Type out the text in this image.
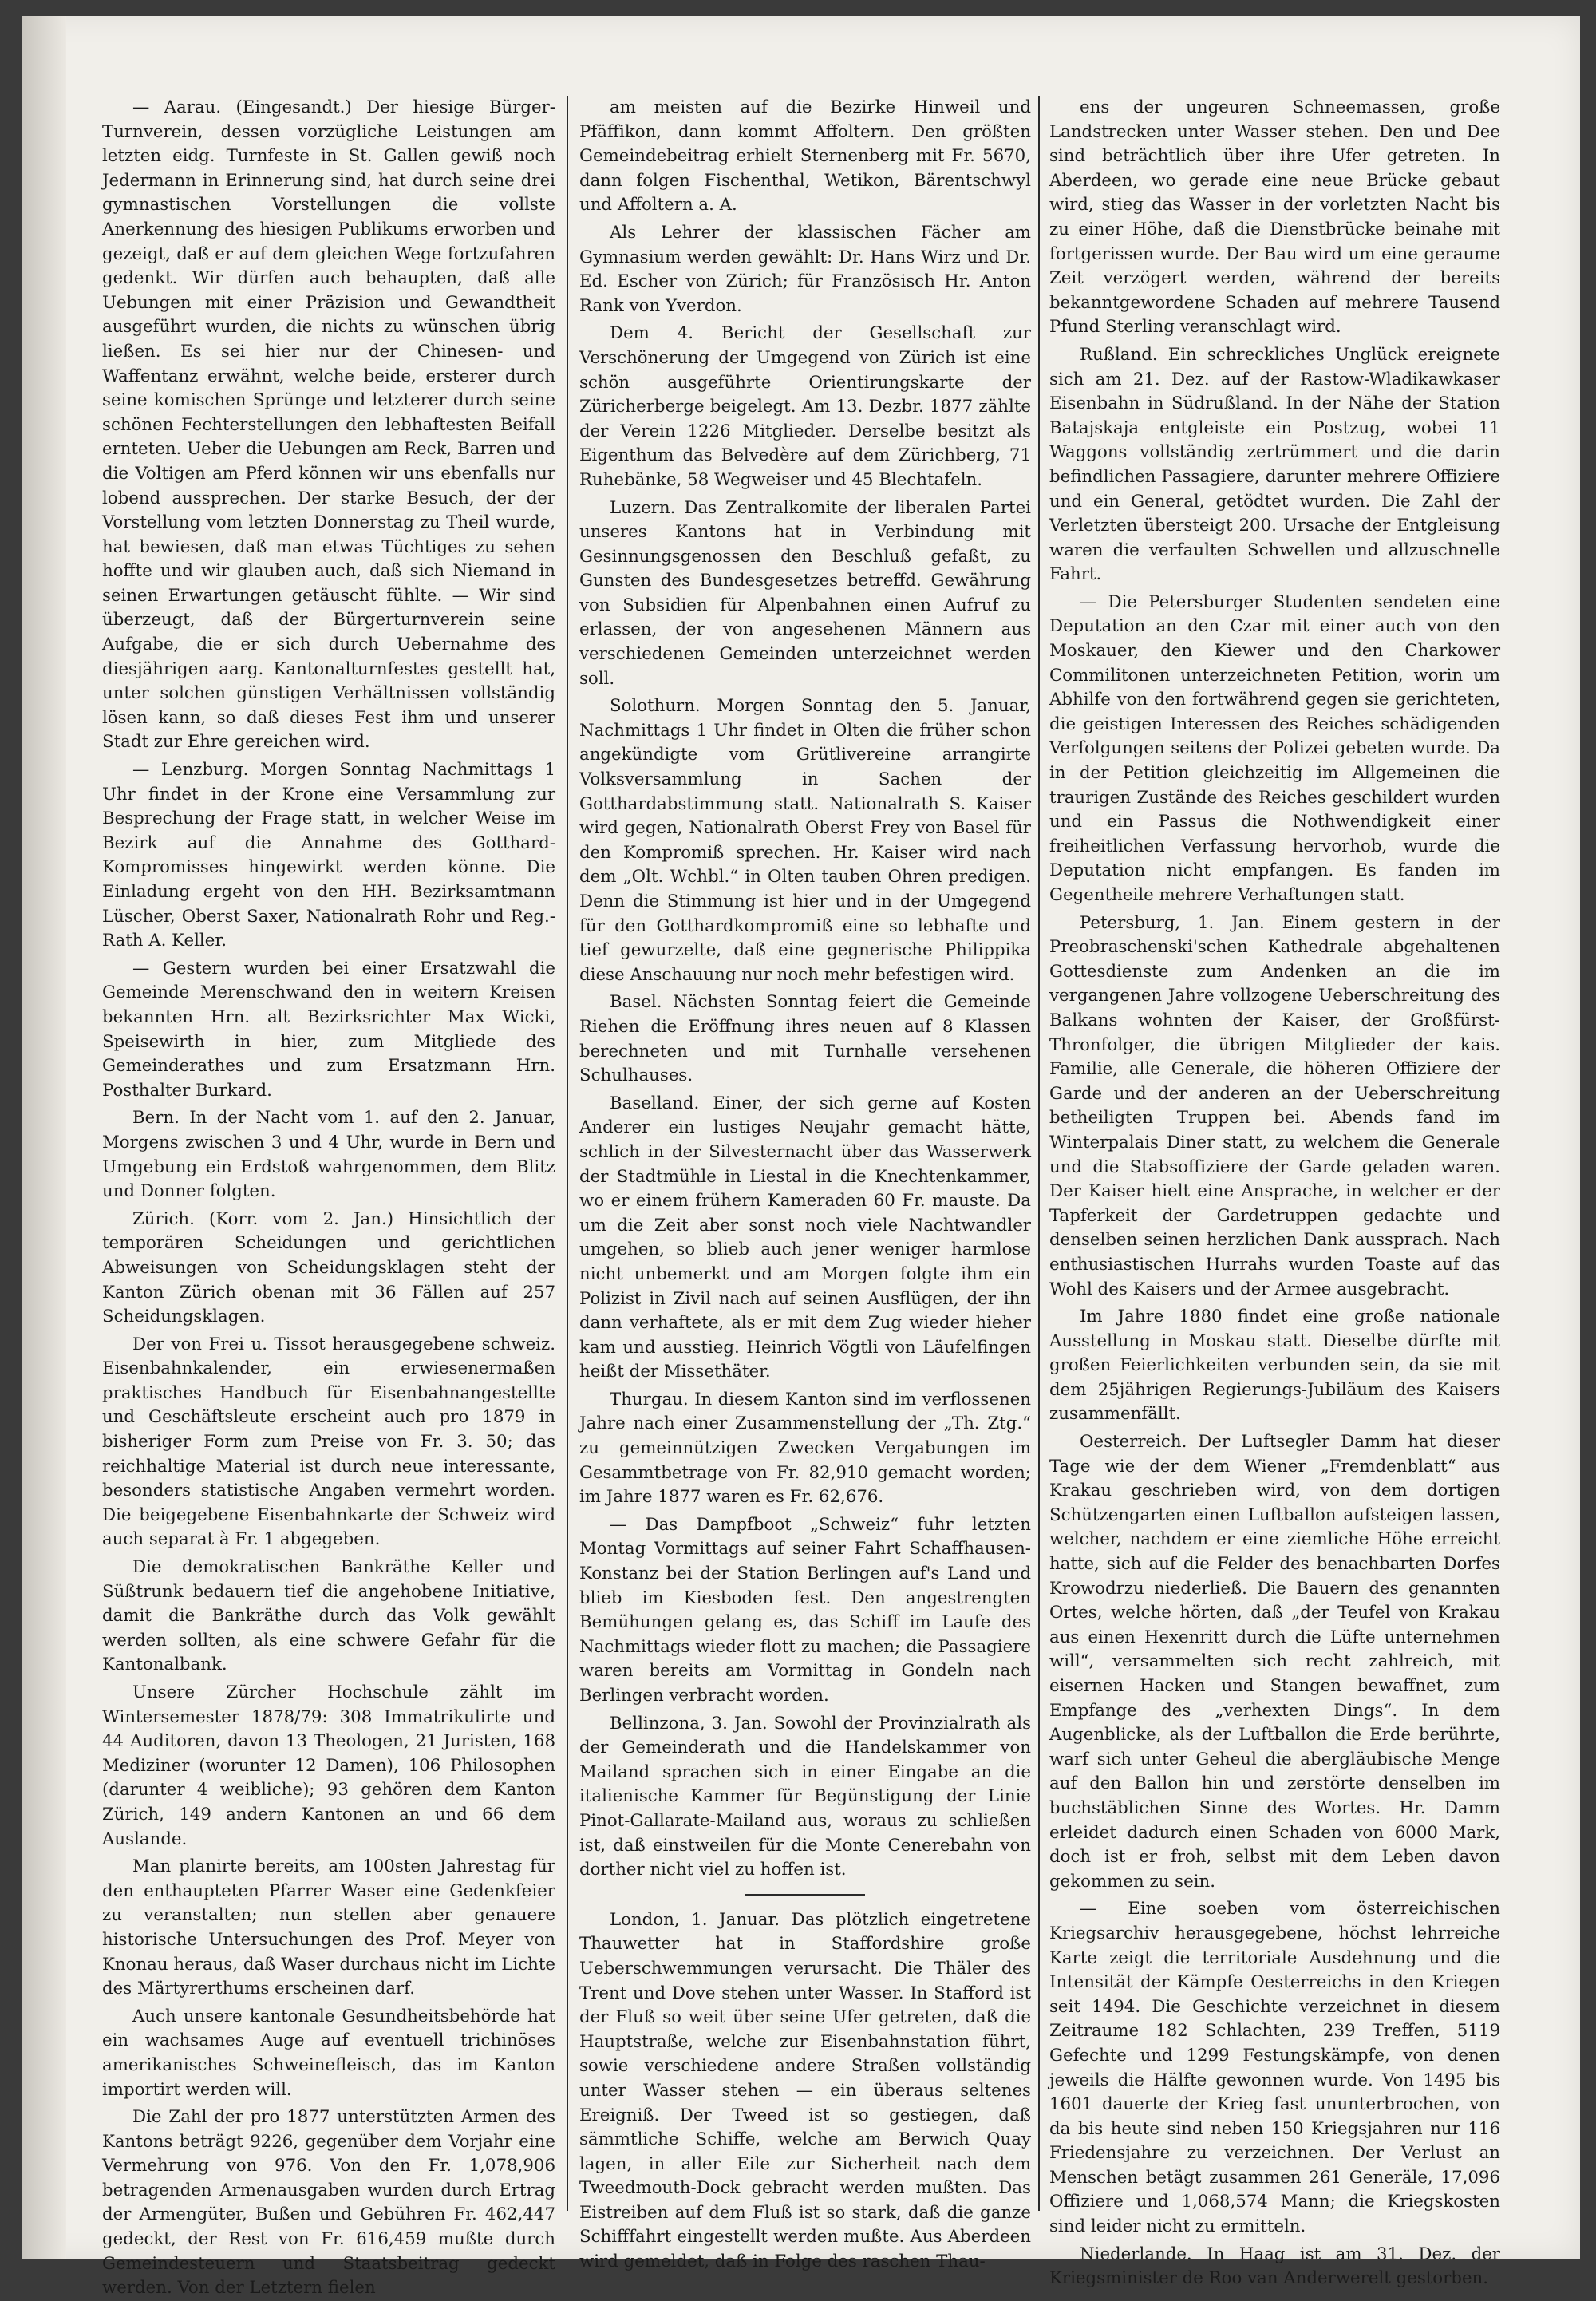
— Aarau. (Eingesandt.) Der hiesige Bürger-Turnverein, dessen vorzügliche Leistungen am letzten eidg. Turnfeste in St. Gallen gewiß noch Jedermann in Erinnerung sind, hat durch seine drei gymnastischen Vorstellungen die vollste Anerkennung des hiesigen Publikums erworben und gezeigt, daß er auf dem gleichen Wege fortzufahren gedenkt. Wir dürfen auch behaupten, daß alle Uebungen mit einer Präzision und Gewandtheit ausgeführt wurden, die nichts zu wünschen übrig ließen. Es sei hier nur der Chinesen- und Waffentanz erwähnt, welche beide, ersterer durch seine komischen Sprünge und letzterer durch seine schönen Fechterstellungen den lebhaftesten Beifall ernteten. Ueber die Uebungen am Reck, Barren und die Voltigen am Pferd können wir uns ebenfalls nur lobend aussprechen. Der starke Besuch, der der Vorstellung vom letzten Donnerstag zu Theil wurde, hat bewiesen, daß man etwas Tüchtiges zu sehen hoffte und wir glauben auch, daß sich Niemand in seinen Erwartungen getäuscht fühlte. — Wir sind überzeugt, daß der Bürgerturnverein seine Aufgabe, die er sich durch Uebernahme des diesjährigen aarg. Kantonalturnfestes gestellt hat, unter solchen günstigen Verhältnissen vollständig lösen kann, so daß dieses Fest ihm und unserer Stadt zur Ehre gereichen wird.

— Lenzburg. Morgen Sonntag Nachmittags 1 Uhr findet in der Krone eine Versammlung zur Besprechung der Frage statt, in welcher Weise im Bezirk auf die Annahme des Gotthard-Kompromisses hingewirkt werden könne. Die Einladung ergeht von den HH. Bezirksamtmann Lüscher, Oberst Saxer, Nationalrath Rohr und Reg.-Rath A. Keller.

— Gestern wurden bei einer Ersatzwahl die Gemeinde Merenschwand den in weitern Kreisen bekannten Hrn. alt Bezirksrichter Max Wicki, Speisewirth in hier, zum Mitgliede des Gemeinderathes und zum Ersatzmann Hrn. Posthalter Burkard.

Bern. In der Nacht vom 1. auf den 2. Januar, Morgens zwischen 3 und 4 Uhr, wurde in Bern und Umgebung ein Erdstoß wahrgenommen, dem Blitz und Donner folgten.

Zürich. (Korr. vom 2. Jan.) Hinsichtlich der temporären Scheidungen und gerichtlichen Abweisungen von Scheidungsklagen steht der Kanton Zürich obenan mit 36 Fällen auf 257 Scheidungsklagen.

Der von Frei u. Tissot herausgegebene schweiz. Eisenbahnkalender, ein erwiesenermaßen praktisches Handbuch für Eisenbahnangestellte und Geschäftsleute erscheint auch pro 1879 in bisheriger Form zum Preise von Fr. 3. 50; das reichhaltige Material ist durch neue interessante, besonders statistische Angaben vermehrt worden. Die beigegebene Eisenbahnkarte der Schweiz wird auch separat à Fr. 1 abgegeben.

Die demokratischen Bankräthe Keller und Süßtrunk bedauern tief die angehobene Initiative, damit die Bankräthe durch das Volk gewählt werden sollten, als eine schwere Gefahr für die Kantonalbank.

Unsere Zürcher Hochschule zählt im Wintersemester 1878/79: 308 Immatrikulirte und 44 Auditoren, davon 13 Theologen, 21 Juristen, 168 Mediziner (worunter 12 Damen), 106 Philosophen (darunter 4 weibliche); 93 gehören dem Kanton Zürich, 149 andern Kantonen an und 66 dem Auslande.

Man planirte bereits, am 100sten Jahrestag für den enthaupteten Pfarrer Waser eine Gedenkfeier zu veranstalten; nun stellen aber genauere historische Untersuchungen des Prof. Meyer von Knonau heraus, daß Waser durchaus nicht im Lichte des Märtyrerthums erscheinen darf.

Auch unsere kantonale Gesundheitsbehörde hat ein wachsames Auge auf eventuell trichinöses amerikanisches Schweinefleisch, das im Kanton importirt werden will.

Die Zahl der pro 1877 unterstützten Armen des Kantons beträgt 9226, gegenüber dem Vorjahr eine Vermehrung von 976. Von den Fr. 1,078,906 betragenden Armenausgaben wurden durch Ertrag der Armengüter, Bußen und Gebühren Fr. 462,447 gedeckt, der Rest von Fr. 616,459 mußte durch Gemeindesteuern und Staatsbeitrag gedeckt werden. Von der Letztern fielen

am meisten auf die Bezirke Hinweil und Pfäffikon, dann kommt Affoltern. Den größten Gemeindebeitrag erhielt Sternenberg mit Fr. 5670, dann folgen Fischenthal, Wetikon, Bärentschwyl und Affoltern a. A.

Als Lehrer der klassischen Fächer am Gymnasium werden gewählt: Dr. Hans Wirz und Dr. Ed. Escher von Zürich; für Französisch Hr. Anton Rank von Yverdon.

Dem 4. Bericht der Gesellschaft zur Verschönerung der Umgegend von Zürich ist eine schön ausgeführte Orientirungskarte der Züricherberge beigelegt. Am 13. Dezbr. 1877 zählte der Verein 1226 Mitglieder. Derselbe besitzt als Eigenthum das Belvedère auf dem Zürichberg, 71 Ruhebänke, 58 Wegweiser und 45 Blechtafeln.

Luzern. Das Zentralkomite der liberalen Partei unseres Kantons hat in Verbindung mit Gesinnungsgenossen den Beschluß gefaßt, zu Gunsten des Bundesgesetzes betreffd. Gewährung von Subsidien für Alpenbahnen einen Aufruf zu erlassen, der von angesehenen Männern aus verschiedenen Gemeinden unterzeichnet werden soll.

Solothurn. Morgen Sonntag den 5. Januar, Nachmittags 1 Uhr findet in Olten die früher schon angekündigte vom Grütlivereine arrangirte Volksversammlung in Sachen der Gotthardabstimmung statt. Nationalrath S. Kaiser wird gegen, Nationalrath Oberst Frey von Basel für den Kompromiß sprechen. Hr. Kaiser wird nach dem „Olt. Wchbl.“ in Olten tauben Ohren predigen. Denn die Stimmung ist hier und in der Umgegend für den Gotthardkompromiß eine so lebhafte und tief gewurzelte, daß eine gegnerische Philippika diese Anschauung nur noch mehr befestigen wird.

Basel. Nächsten Sonntag feiert die Gemeinde Riehen die Eröffnung ihres neuen auf 8 Klassen berechneten und mit Turnhalle versehenen Schulhauses.

Baselland. Einer, der sich gerne auf Kosten Anderer ein lustiges Neujahr gemacht hätte, schlich in der Silvesternacht über das Wasserwerk der Stadtmühle in Liestal in die Knechtenkammer, wo er einem frühern Kameraden 60 Fr. mauste. Da um die Zeit aber sonst noch viele Nachtwandler umgehen, so blieb auch jener weniger harmlose nicht unbemerkt und am Morgen folgte ihm ein Polizist in Zivil nach auf seinen Ausflügen, der ihn dann verhaftete, als er mit dem Zug wieder hieher kam und ausstieg. Heinrich Vögtli von Läufelfingen heißt der Missethäter.

Thurgau. In diesem Kanton sind im verflossenen Jahre nach einer Zusammenstellung der „Th. Ztg.“ zu gemeinnützigen Zwecken Vergabungen im Gesammtbetrage von Fr. 82,910 gemacht worden; im Jahre 1877 waren es Fr. 62,676.

— Das Dampfboot „Schweiz“ fuhr letzten Montag Vormittags auf seiner Fahrt Schaffhausen-Konstanz bei der Station Berlingen auf's Land und blieb im Kiesboden fest. Den angestrengten Bemühungen gelang es, das Schiff im Laufe des Nachmittags wieder flott zu machen; die Passagiere waren bereits am Vormittag in Gondeln nach Berlingen verbracht worden.

Bellinzona, 3. Jan. Sowohl der Provinzialrath als der Gemeinderath und die Handelskammer von Mailand sprachen sich in einer Eingabe an die italienische Kammer für Begünstigung der Linie Pinot-Gallarate-Mailand aus, woraus zu schließen ist, daß einstweilen für die Monte Cenerebahn von dorther nicht viel zu hoffen ist.

London, 1. Januar. Das plötzlich eingetretene Thauwetter hat in Staffordshire große Ueberschwemmungen verursacht. Die Thäler des Trent und Dove stehen unter Wasser. In Stafford ist der Fluß so weit über seine Ufer getreten, daß die Hauptstraße, welche zur Eisenbahnstation führt, sowie verschiedene andere Straßen vollständig unter Wasser stehen — ein überaus seltenes Ereigniß. Der Tweed ist so gestiegen, daß sämmtliche Schiffe, welche am Berwich Quay lagen, in aller Eile zur Sicherheit nach dem Tweedmouth-Dock gebracht werden mußten. Das Eistreiben auf dem Fluß ist so stark, daß die ganze Schifffahrt eingestellt werden mußte. Aus Aberdeen wird gemeldet, daß in Folge des raschen Thau-

ens der ungeuren Schneemassen, große Landstrecken unter Wasser stehen. Den und Dee sind beträchtlich über ihre Ufer getreten. In Aberdeen, wo gerade eine neue Brücke gebaut wird, stieg das Wasser in der vorletzten Nacht bis zu einer Höhe, daß die Dienstbrücke beinahe mit fortgerissen wurde. Der Bau wird um eine geraume Zeit verzögert werden, während der bereits bekanntgewordene Schaden auf mehrere Tausend Pfund Sterling veranschlagt wird.

Rußland. Ein schreckliches Unglück ereignete sich am 21. Dez. auf der Rastow-Wladikawkaser Eisenbahn in Südrußland. In der Nähe der Station Batajskaja entgleiste ein Postzug, wobei 11 Waggons vollständig zertrümmert und die darin befindlichen Passagiere, darunter mehrere Offiziere und ein General, getödtet wurden. Die Zahl der Verletzten übersteigt 200. Ursache der Entgleisung waren die verfaulten Schwellen und allzuschnelle Fahrt.

— Die Petersburger Studenten sendeten eine Deputation an den Czar mit einer auch von den Moskauer, den Kiewer und den Charkower Commilitonen unterzeichneten Petition, worin um Abhilfe von den fortwährend gegen sie gerichteten, die geistigen Interessen des Reiches schädigenden Verfolgungen seitens der Polizei gebeten wurde. Da in der Petition gleichzeitig im Allgemeinen die traurigen Zustände des Reiches geschildert wurden und ein Passus die Nothwendigkeit einer freiheitlichen Verfassung hervorhob, wurde die Deputation nicht empfangen. Es fanden im Gegentheile mehrere Verhaftungen statt.

Petersburg, 1. Jan. Einem gestern in der Preobraschenski'schen Kathedrale abgehaltenen Gottesdienste zum Andenken an die im vergangenen Jahre vollzogene Ueberschreitung des Balkans wohnten der Kaiser, der Großfürst-Thronfolger, die übrigen Mitglieder der kais. Familie, alle Generale, die höheren Offiziere der Garde und der anderen an der Ueberschreitung betheiligten Truppen bei. Abends fand im Winterpalais Diner statt, zu welchem die Generale und die Stabsoffiziere der Garde geladen waren. Der Kaiser hielt eine Ansprache, in welcher er der Tapferkeit der Gardetruppen gedachte und denselben seinen herzlichen Dank aussprach. Nach enthusiastischen Hurrahs wurden Toaste auf das Wohl des Kaisers und der Armee ausgebracht.

Im Jahre 1880 findet eine große nationale Ausstellung in Moskau statt. Dieselbe dürfte mit großen Feierlichkeiten verbunden sein, da sie mit dem 25jährigen Regierungs-Jubiläum des Kaisers zusammenfällt.

Oesterreich. Der Luftsegler Damm hat dieser Tage wie der dem Wiener „Fremdenblatt“ aus Krakau geschrieben wird, von dem dortigen Schützengarten einen Luftballon aufsteigen lassen, welcher, nachdem er eine ziemliche Höhe erreicht hatte, sich auf die Felder des benachbarten Dorfes Krowodrzu niederließ. Die Bauern des genannten Ortes, welche hörten, daß „der Teufel von Krakau aus einen Hexenritt durch die Lüfte unternehmen will“, versammelten sich recht zahlreich, mit eisernen Hacken und Stangen bewaffnet, zum Empfange des „verhexten Dings“. In dem Augenblicke, als der Luftballon die Erde berührte, warf sich unter Geheul die abergläubische Menge auf den Ballon hin und zerstörte denselben im buchstäblichen Sinne des Wortes. Hr. Damm erleidet dadurch einen Schaden von 6000 Mark, doch ist er froh, selbst mit dem Leben davon gekommen zu sein.

— Eine soeben vom österreichischen Kriegsarchiv herausgegebene, höchst lehrreiche Karte zeigt die territoriale Ausdehnung und die Intensität der Kämpfe Oesterreichs in den Kriegen seit 1494. Die Geschichte verzeichnet in diesem Zeitraume 182 Schlachten, 239 Treffen, 5119 Gefechte und 1299 Festungskämpfe, von denen jeweils die Hälfte gewonnen wurde. Von 1495 bis 1601 dauerte der Krieg fast ununterbrochen, von da bis heute sind neben 150 Kriegsjahren nur 116 Friedensjahre zu verzeichnen. Der Verlust an Menschen betägt zusammen 261 Generäle, 17,096 Offiziere und 1,068,574 Mann; die Kriegskosten sind leider nicht zu ermitteln.

Niederlande. In Haag ist am 31. Dez. der Kriegsminister de Roo van Anderwerelt gestorben.
